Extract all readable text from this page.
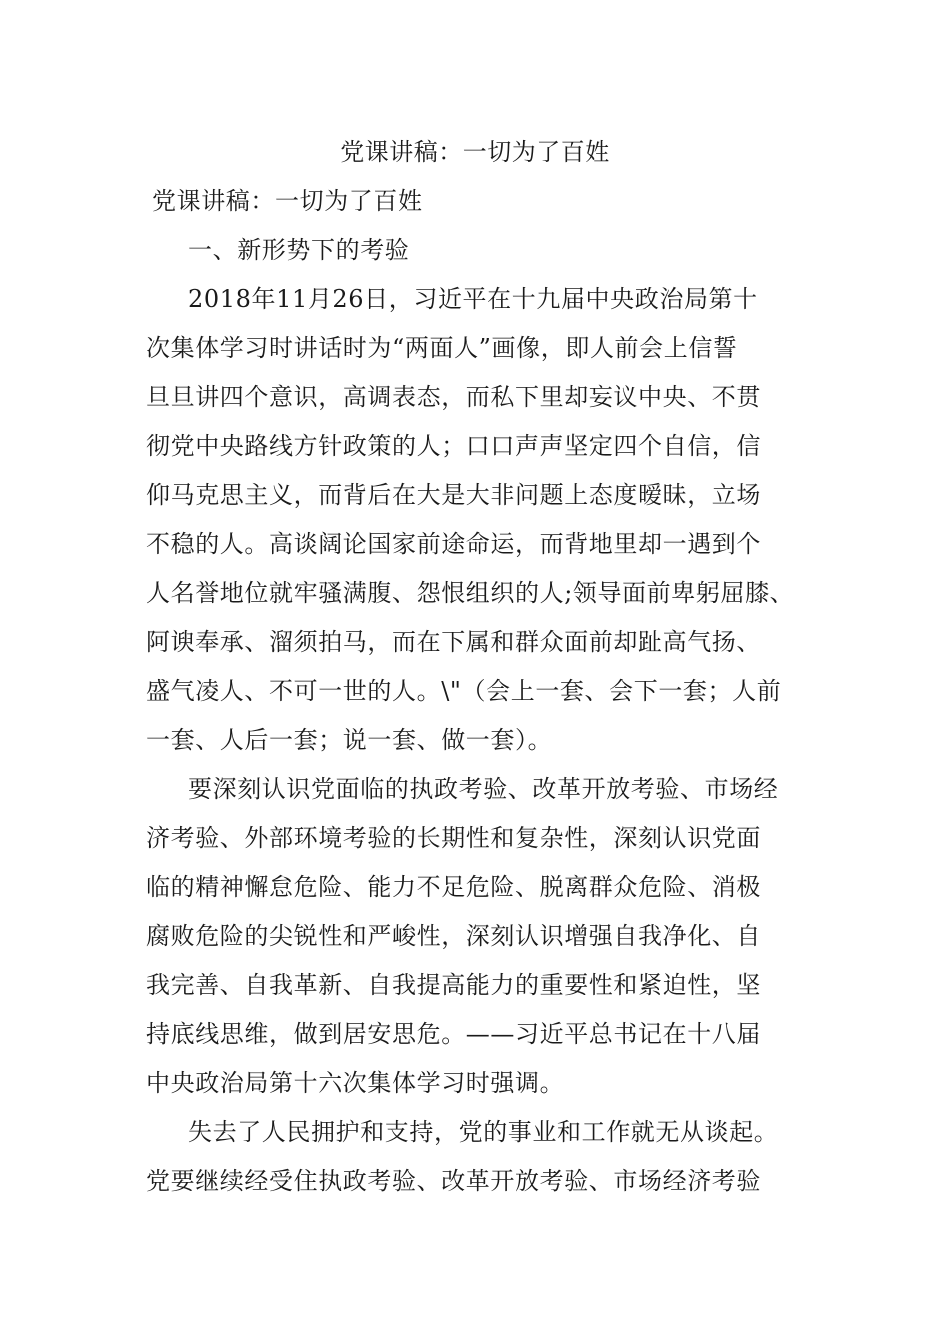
党课讲稿：一切为了百姓
党课讲稿：一切为了百姓
一、新形势下的考验
2018年11月26日，习近平在十九届中央政治局第十
次集体学习时讲话时为“两面人”画像，即人前会上信誓
旦旦讲四个意识，高调表态，而私下里却妄议中央、不贯
彻党中央路线方针政策的人；口口声声坚定四个自信，信
仰马克思主义，而背后在大是大非问题上态度暧昧，立场
不稳的人。高谈阔论国家前途命运，而背地里却一遇到个
人名誉地位就牢骚满腹、怨恨组织的人;领导面前卑躬屈膝、
阿谀奉承、溜须拍马，而在下属和群众面前却趾高气扬、
盛气凌人、不可一世的人。\"（会上一套、会下一套；人前
一套、人后一套；说一套、做一套）。
要深刻认识党面临的执政考验、改革开放考验、市场经
济考验、外部环境考验的长期性和复杂性，深刻认识党面
临的精神懈怠危险、能力不足危险、脱离群众危险、消极
腐败危险的尖锐性和严峻性，深刻认识增强自我净化、自
我完善、自我革新、自我提高能力的重要性和紧迫性，坚
持底线思维，做到居安思危。——习近平总书记在十八届
中央政治局第十六次集体学习时强调。
失去了人民拥护和支持，党的事业和工作就无从谈起。
党要继续经受住执政考验、改革开放考验、市场经济考验
